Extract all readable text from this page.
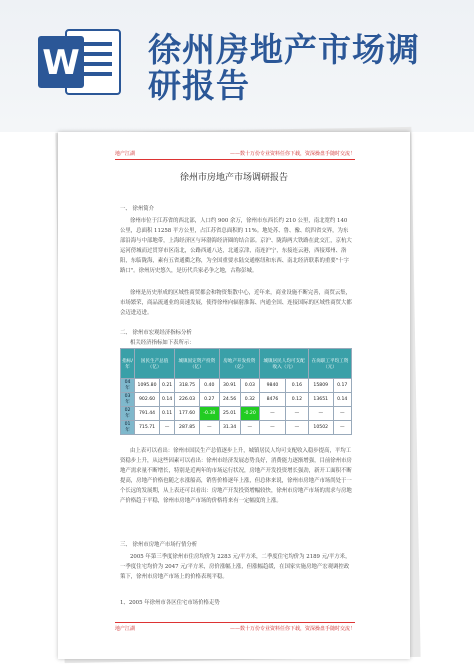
W 徐州房地产市场调
研报告
地产江湖	——数十万份专业资料任你下载，资深操盘手随时交流！
徐州市房地产市场调研报告
一、 徐州简介
徐州市位于江苏省的西北部，人口约 900 余万，徐州市东西长约 210 公里，南北宽约 140 公里，总面积 11258 平方公里，占江苏省总面积的 11%。地处苏、鲁、豫、皖四省交界，为东部沿海与中部地带，上海经济区与环渤海经济圈的结合部。京沪、陇海两大铁路在此交汇，京杭大运河傍城而过贯穿市区南北，公路西通八达，北通京津，南连沪宁，东接连云港，西接郑州、洛阳，东临陇海，素有五省通衢之称，为全国重要水陆交通枢纽和东西、南北经济联系的重要"十字路口"。徐州历史悠久，是历代兵家必争之地，古称彭城。
徐州是历史形成的区域性商贸都会和物资集散中心，近年来，商业设施不断完善，商贸云集，市场繁荣，商品流通业的高速发展，使得徐州向辐射淮海、内通全国、连接国际的区域性商贸大都会迈进迈进。
二、 徐州市宏观经济指标分析
相关经济指标如下表所示：
指标/年	国民生产总值（亿）		城镇固定资产投资（亿）		房地产开发投资（亿）		城镇居民人均可支配收入（元）		在岗职工平均工资（元）	
04 年	1095.80	0.21	318.75	0.40	30.91	0.03	9840	0.16	15809	0.17
03 年	902.60	0.14	226.03	0.27	24.56	0.32	8476	0.12	13651	0.14
02 年	791.44	0.11	177.60	-0.38	25.01	-0.20	—	—	—	—
01 年	715.71	—	287.85	—	31.34	—	—	—	10502	—
由上表可以看出：徐州市国民生产总值逐步上升，城镇居民人均可支配收入稳步提高，平均工资稳步上升，从这些因素可以看出：徐州市经济发展态势良好，消费能力逐渐增强，目前徐州市房地产需求量不断增长，特别是近两年的市场运行状况，房地产开发投资增长强劲，新开工面积不断提高，房地产价格也随之水涨船高，销售价格逐年上涨，但总体来说，徐州市房地产市场尚处于一个长远的发展期，从上表还可以看出：房地产开发投资增幅较快，徐州市房地产市场的需求与房地产价格趋于平稳，徐州市房地产市场的价格将来有一定幅度的上涨。
三、 徐州市房地产市场行情分析
2005 年第三季度徐州市住房均价为 2283 元/平方米，二季度住宅均价为 2189 元/平方米，一季度住宅均价为 2047 元/平方米，房价涨幅上涨，但涨幅趋缓，在国家实施房地产宏观调控政策下，徐州市房地产市场上的价格表现平稳。
1、2005 年徐州市各区住宅市场价格走势
地产江湖	——数十万份专业资料任你下载，资深操盘手随时交流！
